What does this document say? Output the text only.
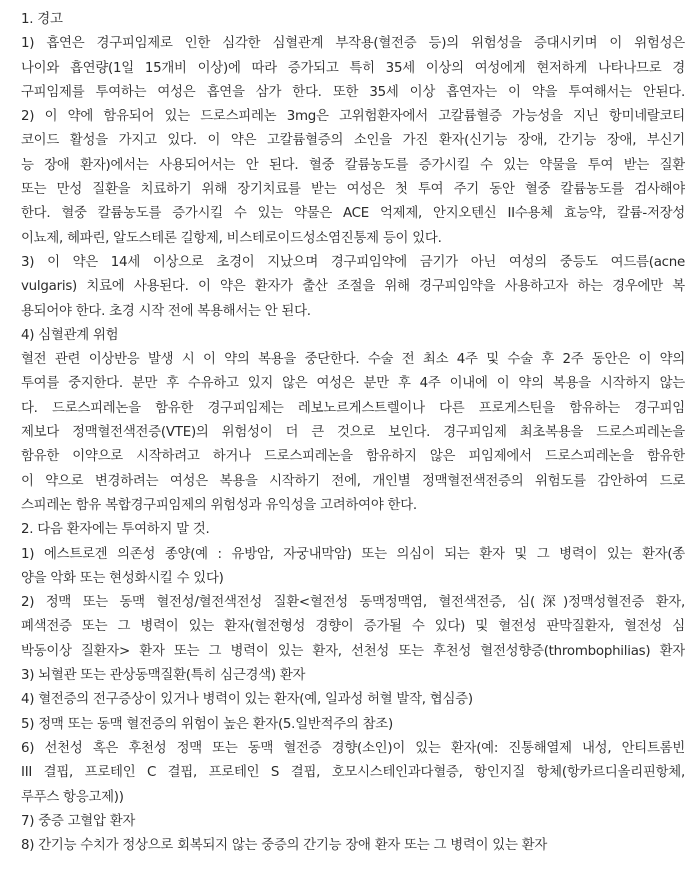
1. 경고
1) 흡연은 경구피임제로 인한 심각한 심혈관계 부작용(혈전증 등)의 위험성을 증대시키며 이 위험성은
나이와 흡연량(1일 15개비 이상)에 따라 증가되고 특히 35세 이상의 여성에게 현저하게 나타나므로 경
구피임제를 투여하는 여성은 흡연을 삼가 한다. 또한 35세 이상 흡연자는 이 약을 투여해서는 안된다.
2) 이 약에 함유되어 있는 드로스피레논 3mg은 고위험환자에서 고칼륨혈증 가능성을 지닌 항미네랄코티
코이드 활성을 가지고 있다. 이 약은 고칼륨혈증의 소인을 가진 환자(신기능 장애, 간기능 장애, 부신기
능 장애 환자)에서는 사용되어서는 안 된다. 혈중 칼륨농도를 증가시킬 수 있는 약물을 투여 받는 질환
또는 만성 질환을 치료하기 위해 장기치료를 받는 여성은 첫 투여 주기 동안 혈중 칼륨농도를 검사해야
한다. 혈중 칼륨농도를 증가시킬 수 있는 약물은 ACE 억제제, 안지오텐신 II수용체 효능약, 칼륨-저장성
이뇨제, 헤파린, 알도스테론 길항제, 비스테로이드성소염진통제 등이 있다.
3) 이 약은 14세 이상으로 초경이 지났으며 경구피임약에 금기가 아닌 여성의 중등도 여드름(acne
vulgaris) 치료에 사용된다. 이 약은 환자가 출산 조절을 위해 경구피임약을 사용하고자 하는 경우에만 복
용되어야 한다. 초경 시작 전에 복용해서는 안 된다.
4) 심혈관계 위험
혈전 관련 이상반응 발생 시 이 약의 복용을 중단한다. 수술 전 최소 4주 및 수술 후 2주 동안은 이 약의
투여를 중지한다. 분만 후 수유하고 있지 않은 여성은 분만 후 4주 이내에 이 약의 복용을 시작하지 않는
다. 드로스피레논을 함유한 경구피임제는 레보노르게스트렐이나 다른 프로게스틴을 함유하는 경구피임
제보다 정맥혈전색전증(VTE)의 위험성이 더 큰 것으로 보인다. 경구피임제 최초복용을 드로스피레논을
함유한 이약으로 시작하려고 하거나 드로스피레논을 함유하지 않은 피임제에서 드로스피레논을 함유한
이 약으로 변경하려는 여성은 복용을 시작하기 전에, 개인별 정맥혈전색전증의 위험도를 감안하여 드로
스피레논 함유 복합경구피임제의 위험성과 유익성을 고려하여야 한다.
2. 다음 환자에는 투여하지 말 것.
1) 에스트로겐 의존성 종양(예 : 유방암, 자궁내막암) 또는 의심이 되는 환자 및 그 병력이 있는 환자(종
양을 악화 또는 현성화시킬 수 있다)
2) 정맥 또는 동맥 혈전성/혈전색전성 질환<혈전성 동맥정맥염, 혈전색전증, 심(深)정맥성혈전증 환자,
폐색전증 또는 그 병력이 있는 환자(혈전형성 경향이 증가될 수 있다) 및 혈전성 판막질환자, 혈전성 심
박동이상 질환자> 환자 또는 그 병력이 있는 환자, 선천성 또는 후천성 혈전성향증(thrombophilias) 환자
3) 뇌혈관 또는 관상동맥질환(특히 심근경색) 환자
4) 혈전증의 전구증상이 있거나 병력이 있는 환자(예, 일과성 허혈 발작, 협심증)
5) 정맥 또는 동맥 혈전증의 위험이 높은 환자(5.일반적주의 참조)
6) 선천성 혹은 후천성 정맥 또는 동맥 혈전증 경향(소인)이 있는 환자(예: 진통해열제 내성, 안티트롬빈
III 결핍, 프로테인 C 결핍, 프로테인 S 결핍, 호모시스테인과다혈증, 항인지질 항체(항카르디올리핀항체,
루푸스 항응고제))
7) 중증 고혈압 환자
8) 간기능 수치가 정상으로 회복되지 않는 중증의 간기능 장애 환자 또는 그 병력이 있는 환자
